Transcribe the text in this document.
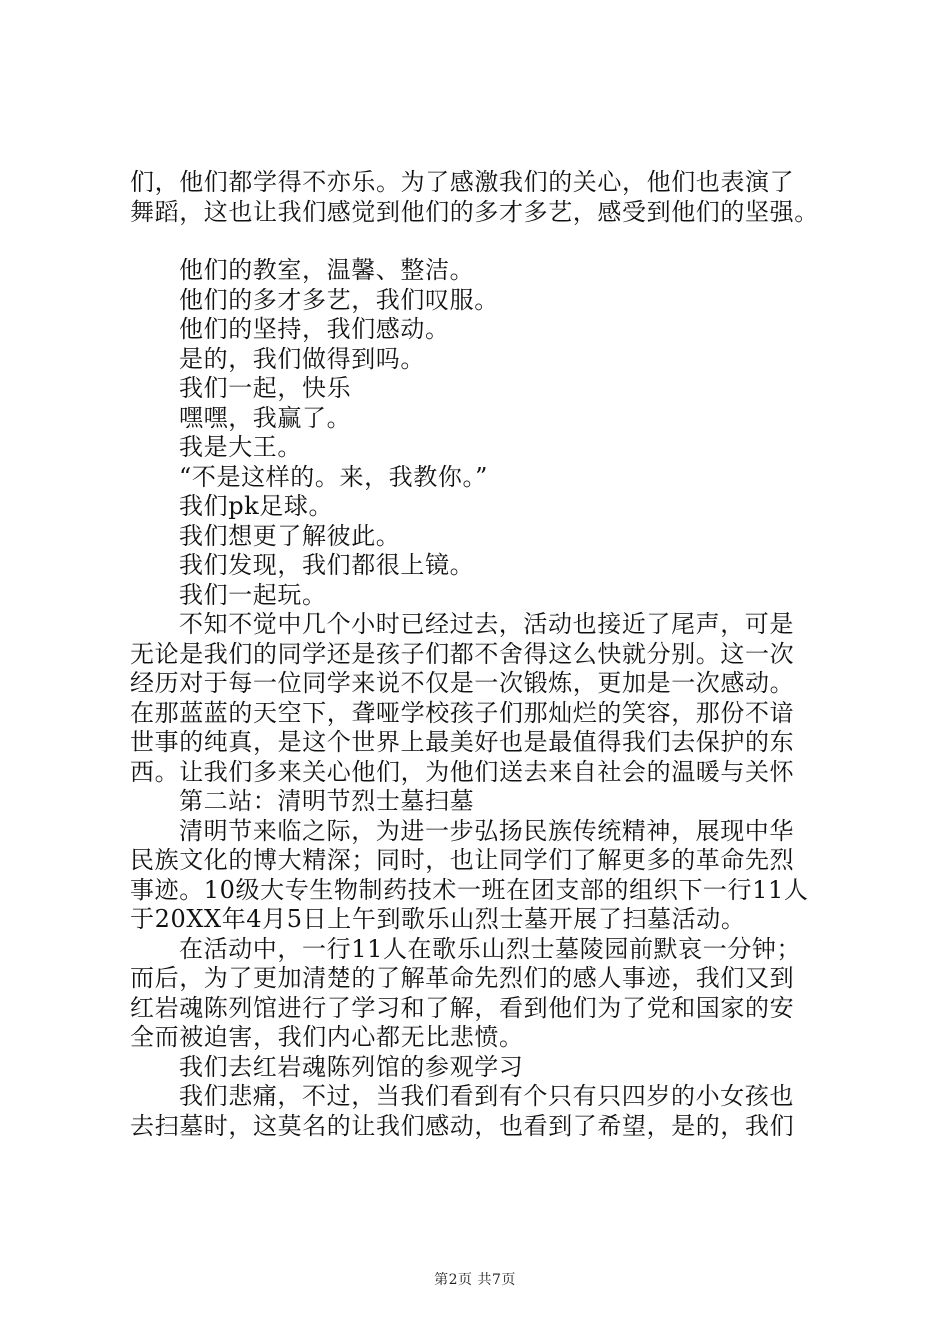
们，他们都学得不亦乐。为了感激我们的关心，他们也表演了
舞蹈，这也让我们感觉到他们的多才多艺，感受到他们的坚强。
他们的教室，温馨、整洁。
他们的多才多艺，我们叹服。
他们的坚持，我们感动。
是的，我们做得到吗。
我们一起，快乐
嘿嘿，我赢了。
我是大王。
“不是这样的。来，我教你。”
我们pk足球。
我们想更了解彼此。
我们发现，我们都很上镜。
我们一起玩。
不知不觉中几个小时已经过去，活动也接近了尾声，可是
无论是我们的同学还是孩子们都不舍得这么快就分别。这一次
经历对于每一位同学来说不仅是一次锻炼，更加是一次感动。
在那蓝蓝的天空下，聋哑学校孩子们那灿烂的笑容，那份不谙
世事的纯真，是这个世界上最美好也是最值得我们去保护的东
西。让我们多来关心他们，为他们送去来自社会的温暖与关怀
第二站：清明节烈士墓扫墓
清明节来临之际，为进一步弘扬民族传统精神，展现中华
民族文化的博大精深；同时，也让同学们了解更多的革命先烈
事迹。10级大专生物制药技术一班在团支部的组织下一行11人
于20XX年4月5日上午到歌乐山烈士墓开展了扫墓活动。
在活动中，一行11人在歌乐山烈士墓陵园前默哀一分钟；
而后，为了更加清楚的了解革命先烈们的感人事迹，我们又到
红岩魂陈列馆进行了学习和了解，看到他们为了党和国家的安
全而被迫害，我们内心都无比悲愤。
我们去红岩魂陈列馆的参观学习
我们悲痛，不过，当我们看到有个只有只四岁的小女孩也
去扫墓时，这莫名的让我们感动，也看到了希望，是的，我们
第2页 共7页
